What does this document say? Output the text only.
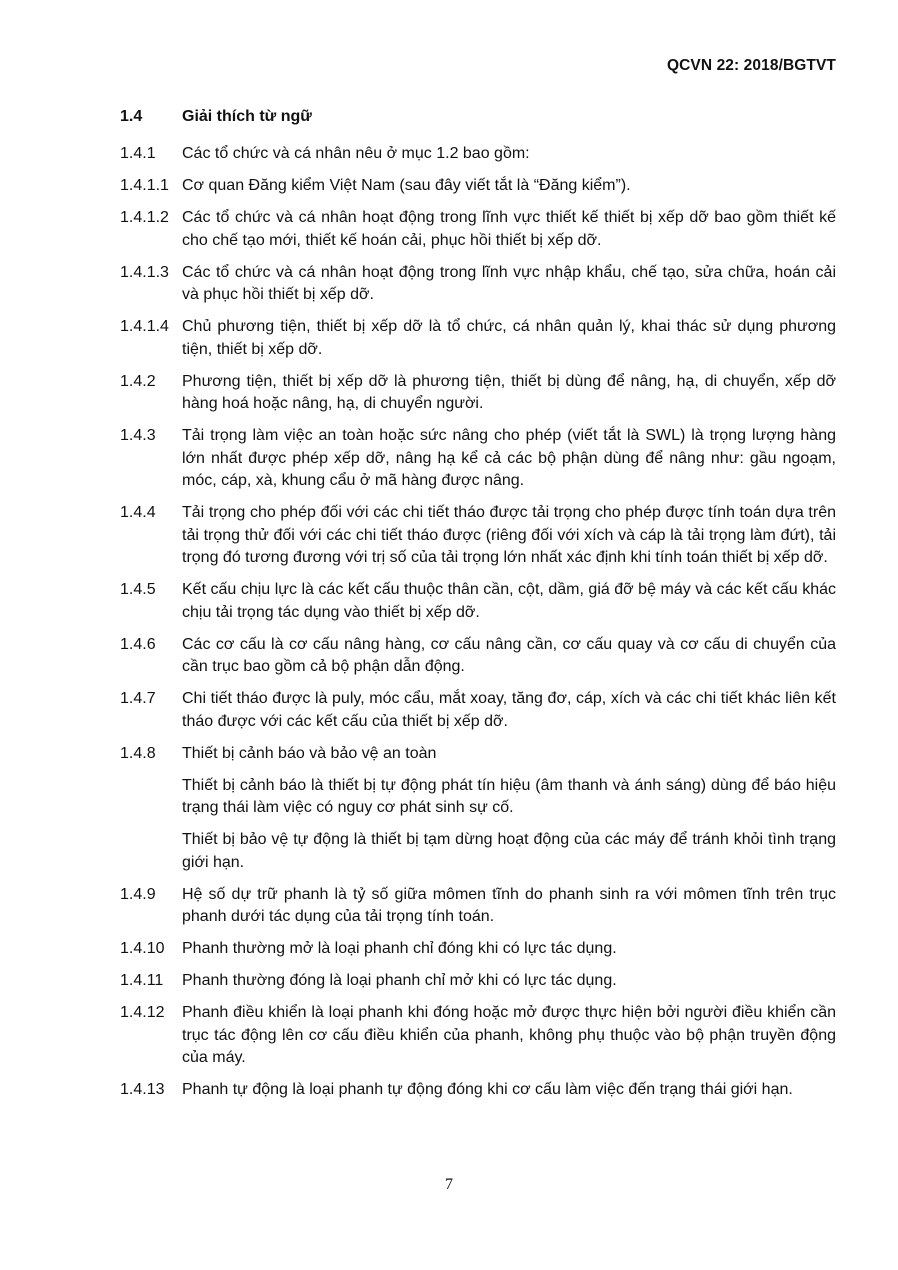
QCVN 22: 2018/BGTVT
1.4 Giải thích từ ngữ
1.4.1	Các tổ chức và cá nhân nêu ở mục 1.2 bao gồm:

1.4.1.1 Cơ quan Đăng kiểm Việt Nam (sau đây viết tắt là “Đăng kiểm”).

1.4.1.2 Các tổ chức và cá nhân hoạt động trong lĩnh vực thiết kế thiết bị xếp dỡ bao gồm thiết kế cho chế tạo mới, thiết kế hoán cải, phục hồi thiết bị xếp dỡ.

1.4.1.3 Các tổ chức và cá nhân hoạt động trong lĩnh vực nhập khẩu, chế tạo, sửa chữa, hoán cải và phục hồi thiết bị xếp dỡ.

1.4.1.4 Chủ phương tiện, thiết bị xếp dỡ là tổ chức, cá nhân quản lý, khai thác sử dụng phương tiện, thiết bị xếp dỡ.

1.4.2	Phương tiện, thiết bị xếp dỡ là phương tiện, thiết bị dùng để nâng, hạ, di chuyển, xếp dỡ hàng hoá hoặc nâng, hạ, di chuyển người.

1.4.3	Tải trọng làm việc an toàn hoặc sức nâng cho phép (viết tắt là SWL) là trọng lượng hàng lớn nhất được phép xếp dỡ, nâng hạ kể cả các bộ phận dùng để nâng như: gầu ngoạm, móc, cáp, xà, khung cẩu ở mã hàng được nâng.

1.4.4	Tải trọng cho phép đối với các chi tiết tháo được tải trọng cho phép được tính toán dựa trên tải trọng thử đối với các chi tiết tháo được (riêng đối với xích và cáp là tải trọng làm đứt), tải trọng đó tương đương với trị số của tải trọng lớn nhất xác định khi tính toán thiết bị xếp dỡ.

1.4.5	Kết cấu chịu lực là các kết cấu thuộc thân cần, cột, dầm, giá đỡ bệ máy và các kết cấu khác chịu tải trọng tác dụng vào thiết bị xếp dỡ.

1.4.6	Các cơ cấu là cơ cấu nâng hàng, cơ cấu nâng cần, cơ cấu quay và cơ cấu di chuyển của cần trục bao gồm cả bộ phận dẫn động.

1.4.7	Chi tiết tháo được là puly, móc cẩu, mắt xoay, tăng đơ, cáp, xích và các chi tiết khác liên kết tháo được với các kết cấu của thiết bị xếp dỡ.

1.4.8	Thiết bị cảnh báo và bảo vệ an toàn

Thiết bị cảnh báo là thiết bị tự động phát tín hiệu (âm thanh và ánh sáng) dùng để báo hiệu trạng thái làm việc có nguy cơ phát sinh sự cố.

Thiết bị bảo vệ tự động là thiết bị tạm dừng hoạt động của các máy để tránh khỏi tình trạng giới hạn.

1.4.9	Hệ số dự trữ phanh là tỷ số giữa mômen tĩnh do phanh sinh ra với mômen tĩnh trên trục phanh dưới tác dụng của tải trọng tính toán.

1.4.10	Phanh thường mở là loại phanh chỉ đóng khi có lực tác dụng.

1.4.11	Phanh thường đóng là loại phanh chỉ mở khi có lực tác dụng.

1.4.12	Phanh điều khiển là loại phanh khi đóng hoặc mở được thực hiện bởi người điều khiển cần trục tác động lên cơ cấu điều khiển của phanh, không phụ thuộc vào bộ phận truyền động của máy.

1.4.13	Phanh tự động là loại phanh tự động đóng khi cơ cấu làm việc đến trạng thái giới hạn.

7
